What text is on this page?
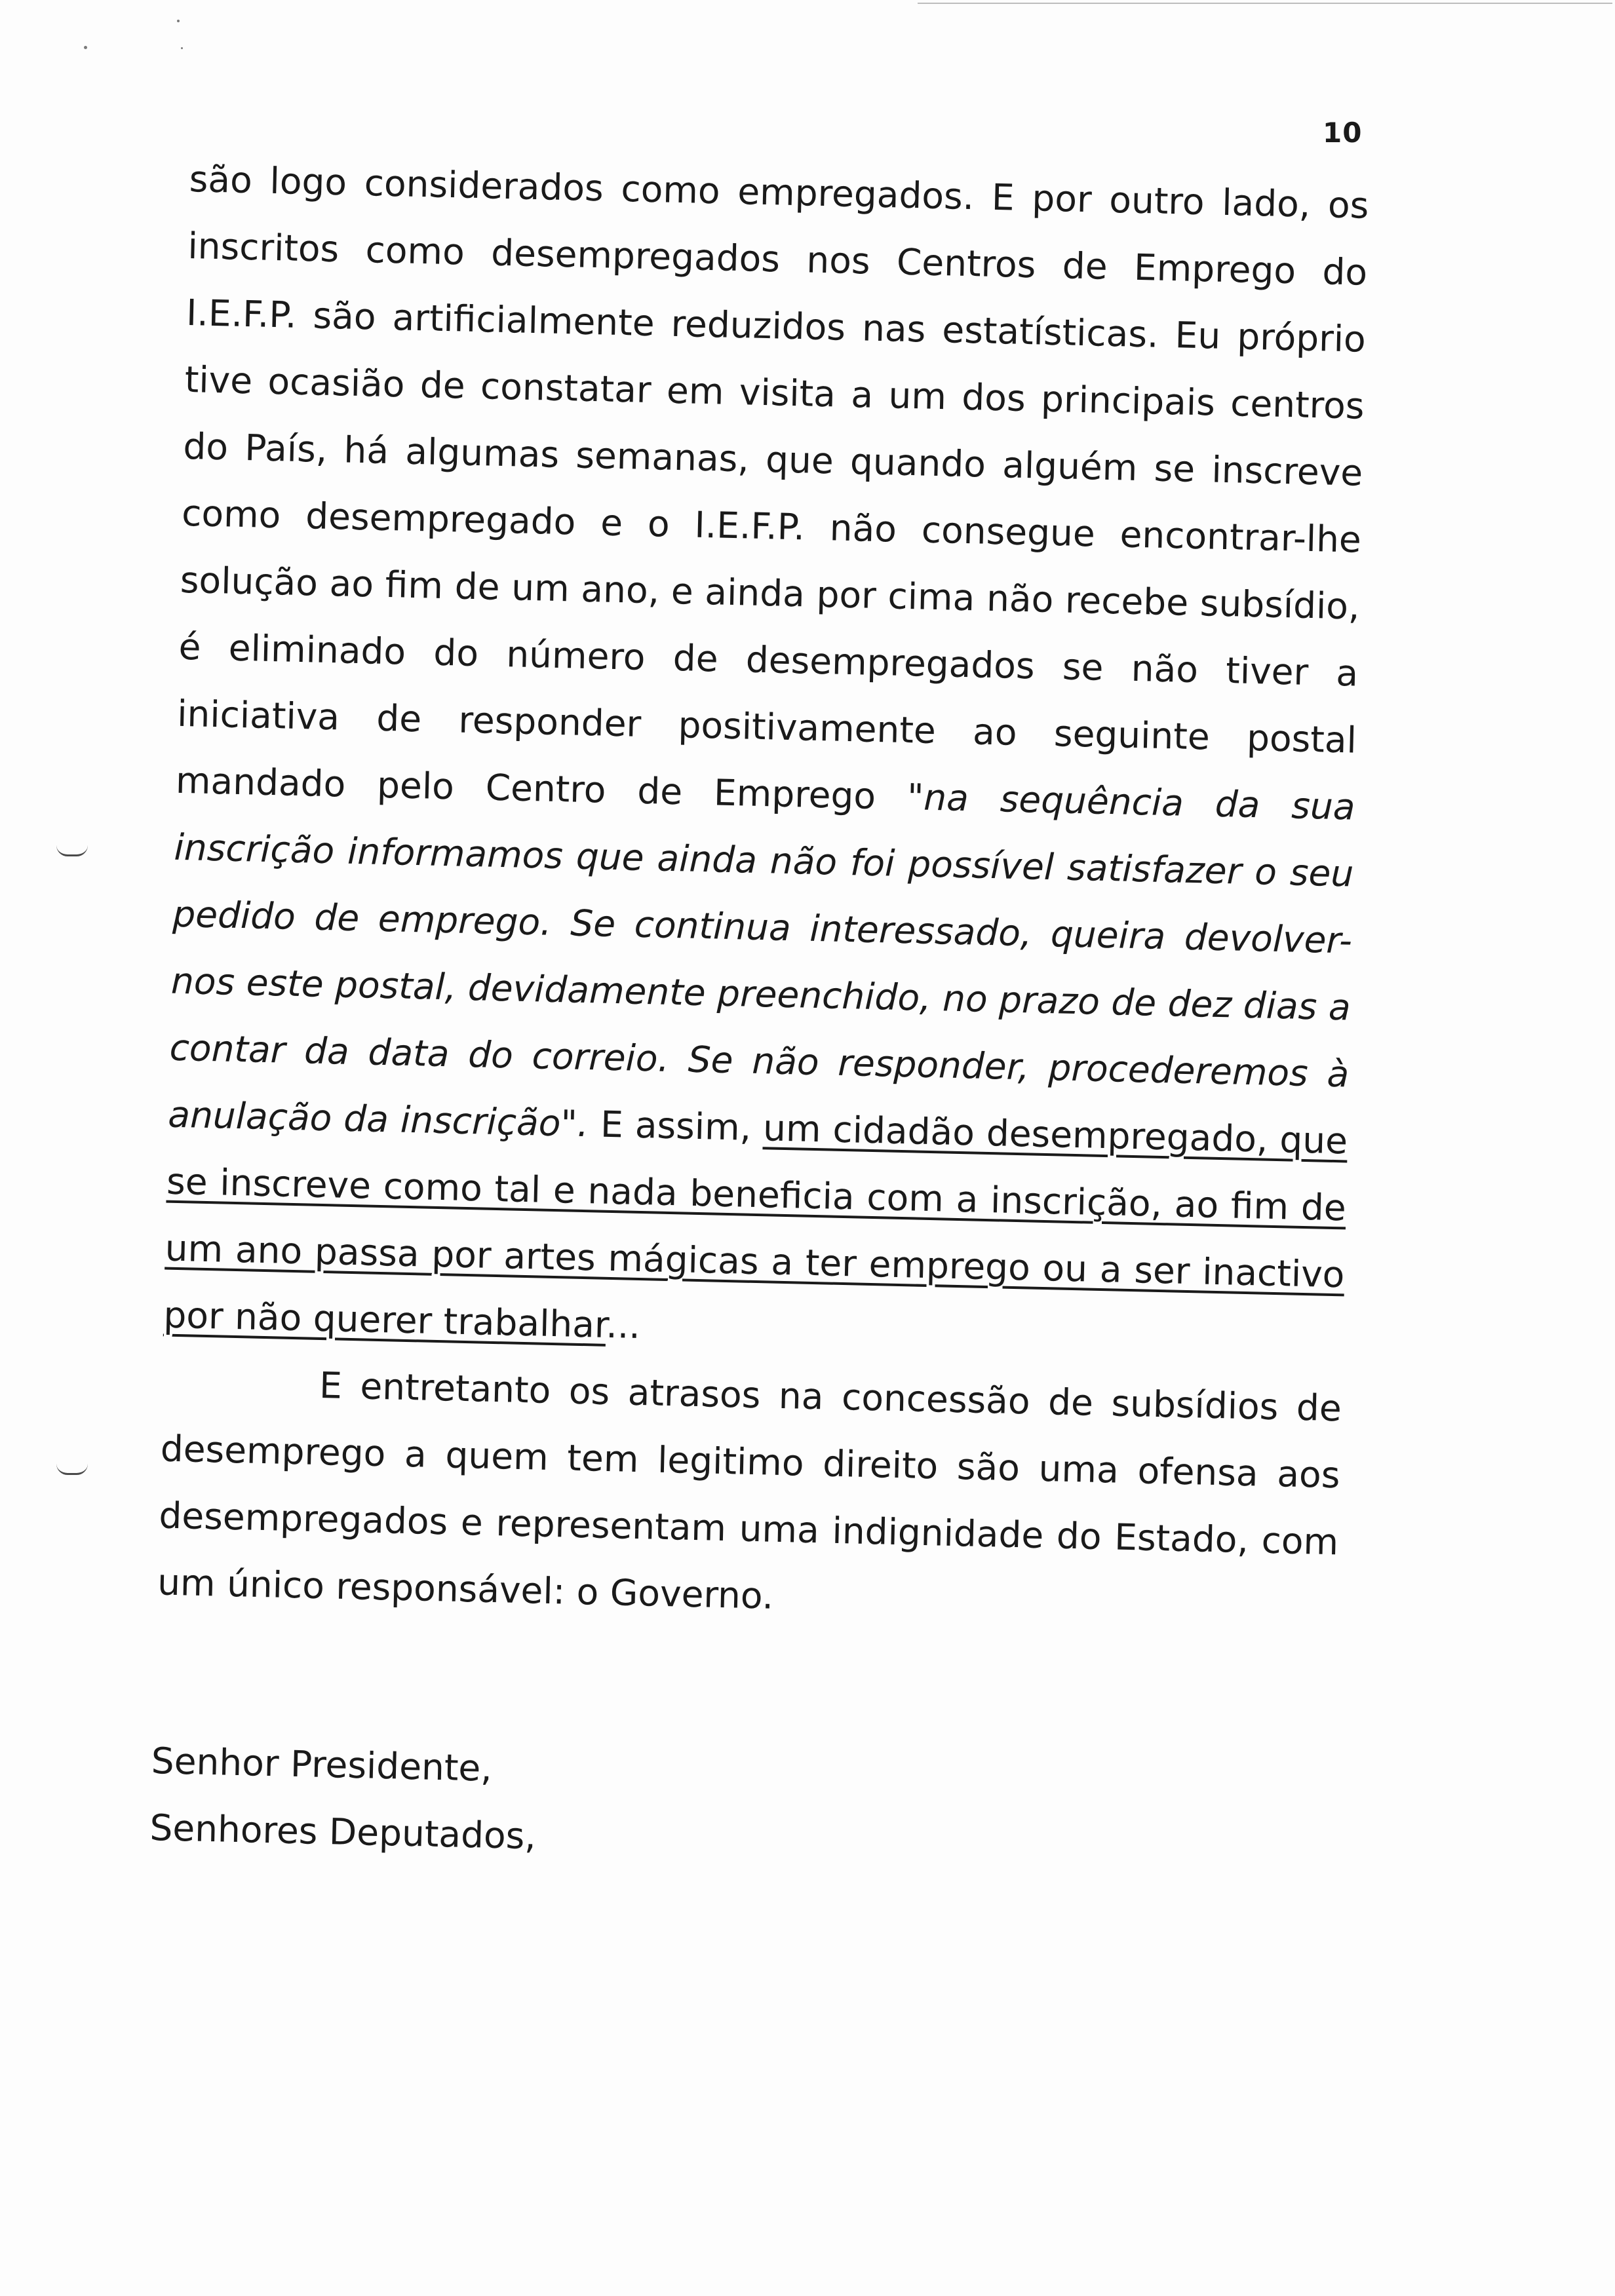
10

são logo considerados como empregados. E por outro lado, os inscritos como desempregados nos Centros de Emprego do I.E.F.P. são artificialmente reduzidos nas estatísticas. Eu próprio tive ocasião de constatar em visita a um dos principais centros do País, há algumas semanas, que quando alguém se inscreve como desempregado e o I.E.F.P. não consegue encontrar-lhe solução ao fim de um ano, e ainda por cima não recebe subsídio, é eliminado do número de desempregados se não tiver a iniciativa de responder positivamente ao seguinte postal mandado pelo Centro de Emprego "na sequência da sua inscrição informamos que ainda não foi possível satisfazer o seu pedido de emprego. Se continua interessado, queira devolver-nos este postal, devidamente preenchido, no prazo de dez dias a contar da data do correio. Se não responder, procederemos à anulação da inscrição". E assim, um cidadão desempregado, que se inscreve como tal e nada beneficia com a inscrição, ao fim de um ano passa por artes mágicas a ter emprego ou a ser inactivo por não querer trabalhar...

E entretanto os atrasos na concessão de subsídios de desemprego a quem tem legitimo direito são uma ofensa aos desempregados e representam uma indignidade do Estado, com um único responsável: o Governo.

Senhor Presidente,
Senhores Deputados,
